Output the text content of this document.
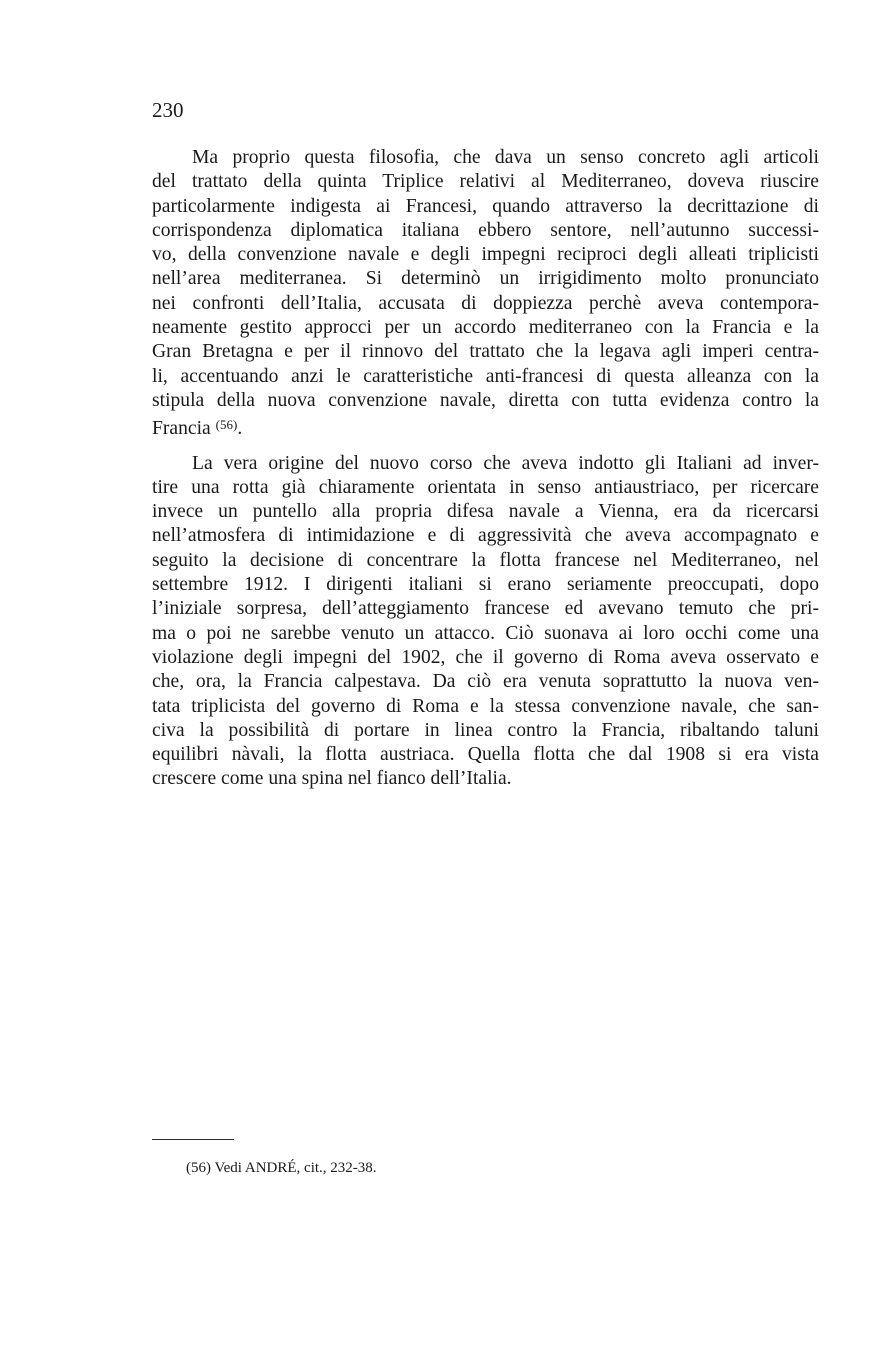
230
Ma proprio questa filosofia, che dava un senso concreto agli articoli
del trattato della quinta Triplice relativi al Mediterraneo, doveva riuscire
particolarmente indigesta ai Francesi, quando attraverso la decrittazione di
corrispondenza diplomatica italiana ebbero sentore, nell’autunno successi-
vo, della convenzione navale e degli impegni reciproci degli alleati triplicisti
nell’area mediterranea. Si determinò un irrigidimento molto pronunciato
nei confronti dell’Italia, accusata di doppiezza perchè aveva contempora-
neamente gestito approcci per un accordo mediterraneo con la Francia e la
Gran Bretagna e per il rinnovo del trattato che la legava agli imperi centra-
li, accentuando anzi le caratteristiche anti-francesi di questa alleanza con la
stipula della nuova convenzione navale, diretta con tutta evidenza contro la
Francia $^{(56)}$.
La vera origine del nuovo corso che aveva indotto gli Italiani ad inver-
tire una rotta già chiaramente orientata in senso antiaustriaco, per ricercare
invece un puntello alla propria difesa navale a Vienna, era da ricercarsi
nell’atmosfera di intimidazione e di aggressività che aveva accompagnato e
seguito la decisione di concentrare la flotta francese nel Mediterraneo, nel
settembre 1912. I dirigenti italiani si erano seriamente preoccupati, dopo
l’iniziale sorpresa, dell’atteggiamento francese ed avevano temuto che pri-
ma o poi ne sarebbe venuto un attacco. Ciò suonava ai loro occhi come una
violazione degli impegni del 1902, che il governo di Roma aveva osservato e
che, ora, la Francia calpestava. Da ciò era venuta soprattutto la nuova ven-
tata triplicista del governo di Roma e la stessa convenzione navale, che san-
civa la possibilità di portare in linea contro la Francia, ribaltando taluni
equilibri nàvali, la flotta austriaca. Quella flotta che dal 1908 si era vista
crescere come una spina nel fianco dell’Italia.
(56) Vedi ANDRÉ, cit., 232-38.
